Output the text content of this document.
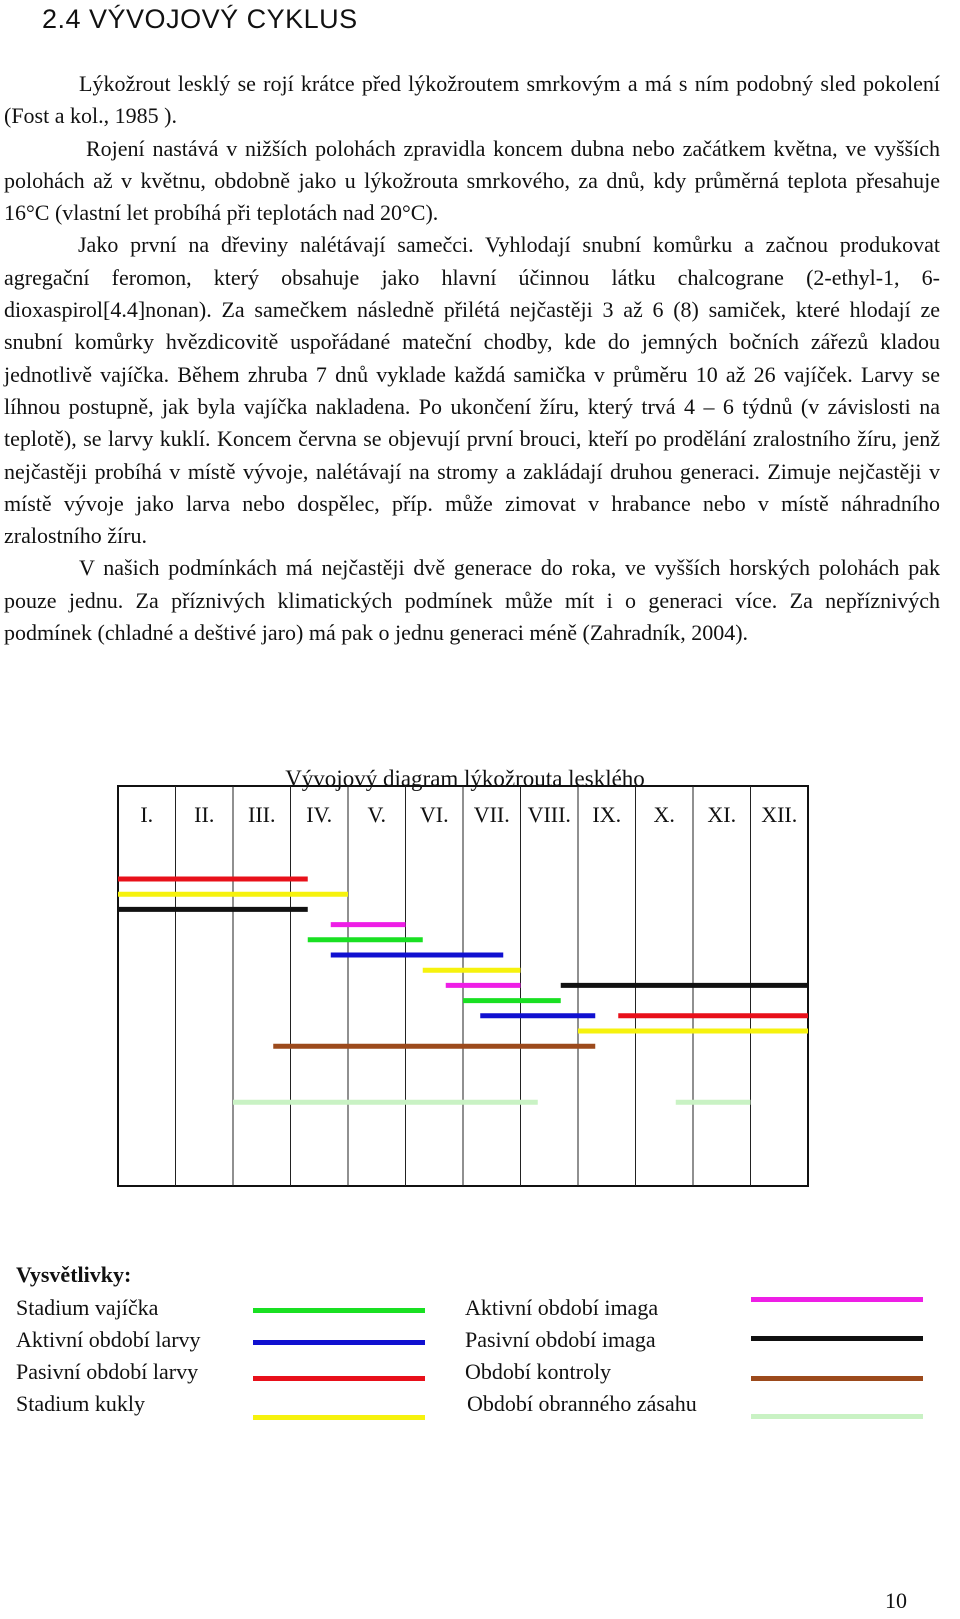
2.4 VÝVOJOVÝ CYKLUS

Lýkožrout lesklý se rojí krátce před lýkožroutem smrkovým a má s ním podobný sled pokolení (Fost a kol., 1985 ).

Rojení nastává v nižších polohách zpravidla koncem dubna nebo začátkem května, ve vyšších polohách až v květnu, obdobně jako u lýkožrouta smrkového, za dnů, kdy průměrná teplota přesahuje 16°C (vlastní let probíhá při teplotách nad 20°C).

Jako první na dřeviny nalétávají samečci. Vyhlodají snubní komůrku a začnou produkovat agregační feromon, který obsahuje jako hlavní účinnou látku chalcograne (2-ethyl-1, 6-dioxaspirol[4.4]nonan). Za samečkem následně přilétá nejčastěji 3 až 6 (8) samiček, které hlodají ze snubní komůrky hvězdicovitě uspořádané mateční chodby, kde do jemných bočních zářezů kladou jednotlivě vajíčka. Během zhruba 7 dnů vyklade každá samička v průměru 10 až 26 vajíček. Larvy se líhnou postupně, jak byla vajíčka nakladena. Po ukončení žíru, který trvá 4 – 6 týdnů (v závislosti na teplotě), se larvy kuklí. Koncem června se objevují první brouci, kteří po prodělání zralostního žíru, jenž nejčastěji probíhá v místě vývoje, nalétávají na stromy a zakládají druhou generaci. Zimuje nejčastěji v místě vývoje jako larva nebo dospělec, příp. může zimovat v hrabance nebo v místě náhradního zralostního žíru.

V našich podmínkách má nejčastěji dvě generace do roka, ve vyšších horských polohách pak pouze jednu. Za příznivých klimatických podmínek může mít i o generaci více. Za nepříznivých podmínek (chladné a deštivé jaro) má pak o jednu generaci méně (Zahradník, 2004).

Vývojový diagram lýkožrouta lesklého
I. II. III. IV. V. VI. VII. VIII. IX. X. XI. XII.
Vysvětlivky:
Stadium vajíčka
Aktivní období larvy
Pasivní období larvy
Stadium kukly
Aktivní období imaga
Pasivní období imaga
Období kontroly
Období obranného zásahu
10
